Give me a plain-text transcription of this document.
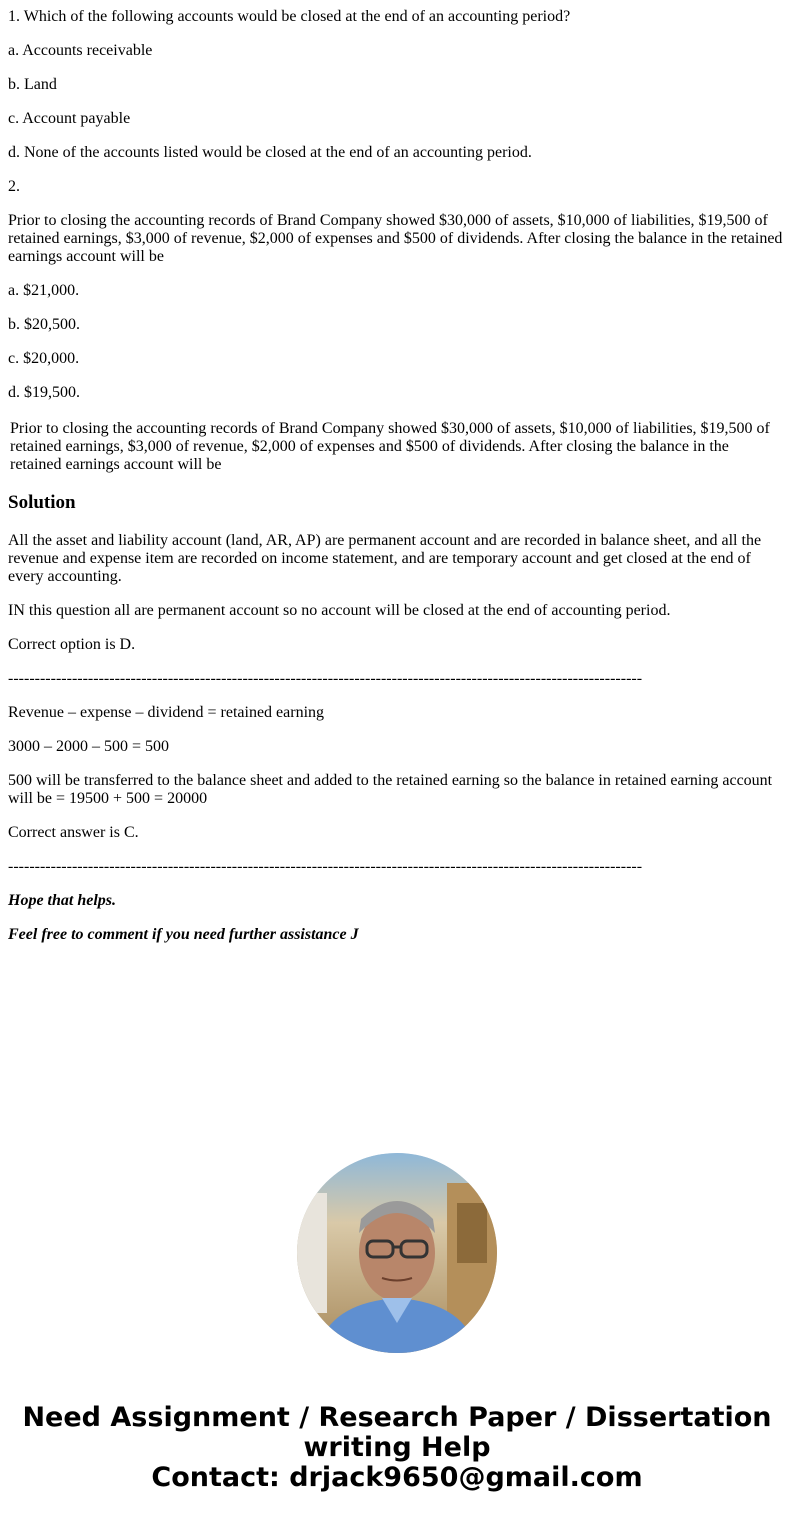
1. Which of the following accounts would be closed at the end of an accounting period?

a. Accounts receivable

b. Land

c. Account payable

d. None of the accounts listed would be closed at the end of an accounting period.

2.

Prior to closing the accounting records of Brand Company showed $30,000 of assets, $10,000 of liabilities, $19,500 of retained earnings, $3,000 of revenue, $2,000 of expenses and $500 of dividends. After closing the balance in the retained earnings account will be

a. $21,000.

b. $20,500.

c. $20,000.

d. $19,500.

Prior to closing the accounting records of Brand Company showed $30,000 of assets, $10,000 of liabilities, $19,500 of retained earnings, $3,000 of revenue, $2,000 of expenses and $500 of dividends. After closing the balance in the retained earnings account will be

Solution

All the asset and liability account (land, AR, AP) are permanent account and are recorded in balance sheet, and all the revenue and expense item are recorded on income statement, and are temporary account and get closed at the end of every accounting.

IN this question all are permanent account so no account will be closed at the end of accounting period.

Correct option is D.

-----------------------------------------------------------------------------------------------------------------------

Revenue – expense – dividend = retained earning

3000 – 2000 – 500 = 500

500 will be transferred to the balance sheet and added to the retained earning so the balance in retained earning account will be = 19500 + 500 = 20000

Correct answer is C.

-----------------------------------------------------------------------------------------------------------------------

Hope that helps.

Feel free to comment if you need further assistance J

Need Assignment / Research Paper / Dissertation
writing Help
Contact: drjack9650@gmail.com
